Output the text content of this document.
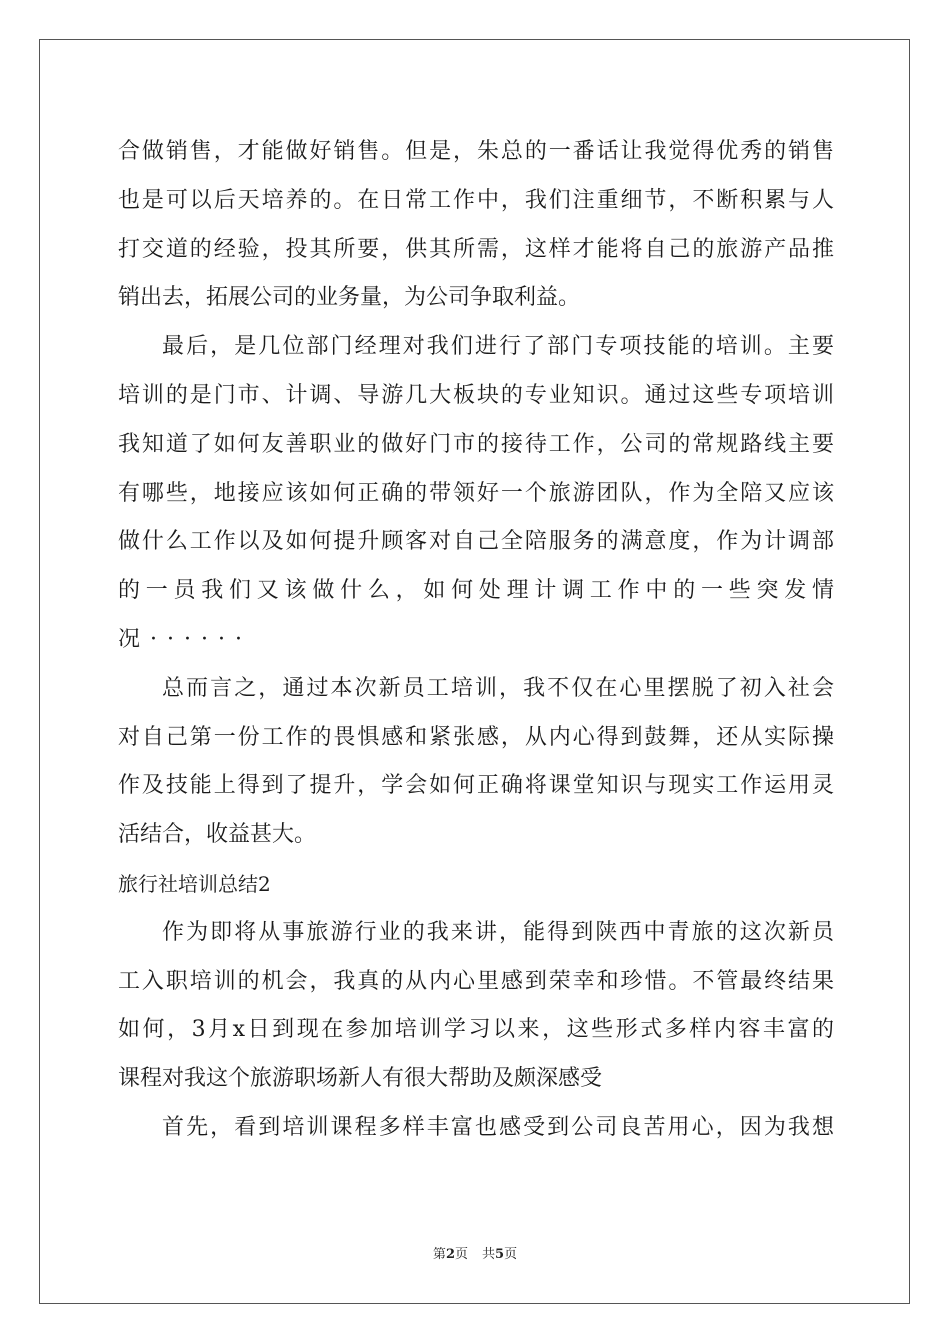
合做销售，才能做好销售。但是，朱总的一番话让我觉得优秀的销售
也是可以后天培养的。在日常工作中，我们注重细节，不断积累与人
打交道的经验，投其所要，供其所需，这样才能将自己的旅游产品推
销出去，拓展公司的业务量，为公司争取利益。
最后，是几位部门经理对我们进行了部门专项技能的培训。主要
培训的是门市、计调、导游几大板块的专业知识。通过这些专项培训
我知道了如何友善职业的做好门市的接待工作，公司的常规路线主要
有哪些，地接应该如何正确的带领好一个旅游团队，作为全陪又应该
做什么工作以及如何提升顾客对自己全陪服务的满意度，作为计调部
的一员我们又该做什么，如何处理计调工作中的一些突发情
况······
总而言之，通过本次新员工培训，我不仅在心里摆脱了初入社会
对自己第一份工作的畏惧感和紧张感，从内心得到鼓舞，还从实际操
作及技能上得到了提升，学会如何正确将课堂知识与现实工作运用灵
活结合，收益甚大。
旅行社培训总结2
作为即将从事旅游行业的我来讲，能得到陕西中青旅的这次新员
工入职培训的机会，我真的从内心里感到荣幸和珍惜。不管最终结果
如何，3月x日到现在参加培训学习以来，这些形式多样内容丰富的
课程对我这个旅游职场新人有很大帮助及颇深感受
首先，看到培训课程多样丰富也感受到公司良苦用心，因为我想
第2页 共5页
